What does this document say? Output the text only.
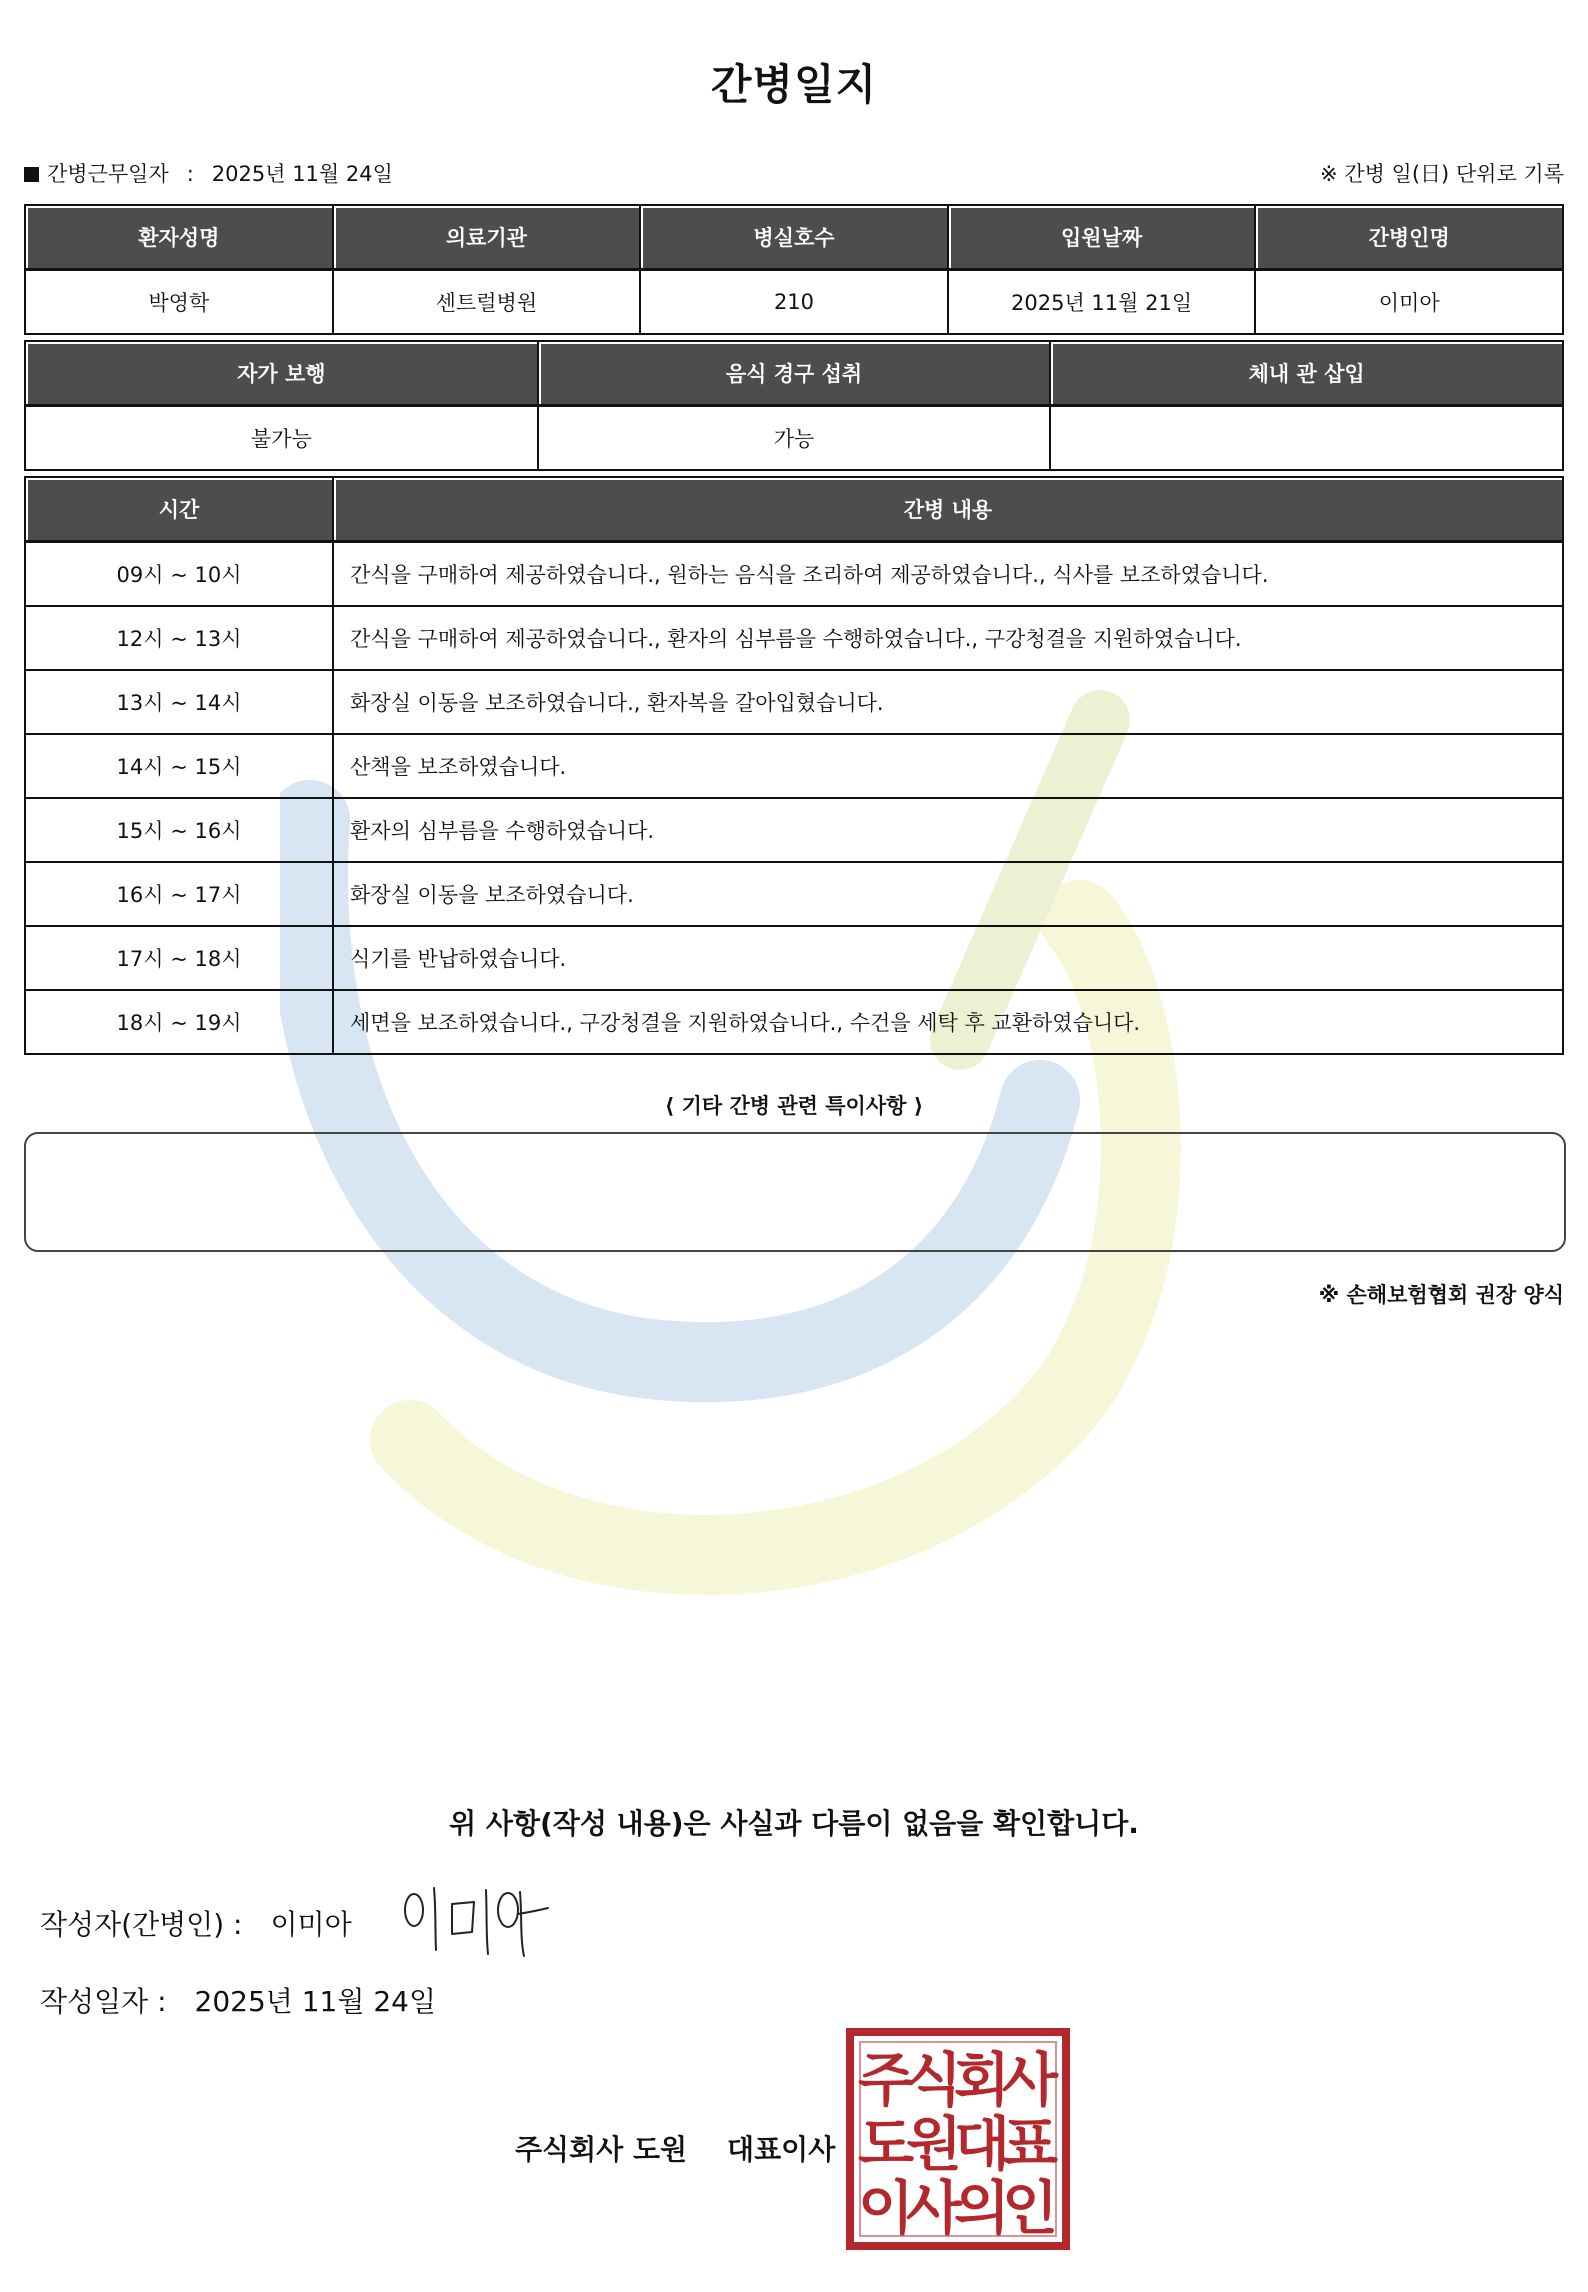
간병일지
간병근무일자 : 2025년 11월 24일	※ 간병 일(日) 단위로 기록
환자성명	의료기관	병실호수	입원날짜	간병인명
박영학	센트럴병원	210	2025년 11월 21일	이미아
자가 보행	음식 경구 섭취	체내 관 삽입
불가능	가능	
시간	간병 내용
09시 ~ 10시	간식을 구매하여 제공하였습니다., 원하는 음식을 조리하여 제공하였습니다., 식사를 보조하였습니다.
12시 ~ 13시	간식을 구매하여 제공하였습니다., 환자의 심부름을 수행하였습니다., 구강청결을 지원하였습니다.
13시 ~ 14시	화장실 이동을 보조하였습니다., 환자복을 갈아입혔습니다.
14시 ~ 15시	산책을 보조하였습니다.
15시 ~ 16시	환자의 심부름을 수행하였습니다.
16시 ~ 17시	화장실 이동을 보조하였습니다.
17시 ~ 18시	식기를 반납하였습니다.
18시 ~ 19시	세면을 보조하였습니다., 구강청결을 지원하였습니다., 수건을 세탁 후 교환하였습니다.
⟨ 기타 간병 관련 특이사항 ⟩
※ 손해보험협회 권장 양식
위 사항(작성 내용)은 사실과 다름이 없음을 확인합니다.
작성자(간병인) : 이미아
작성일자 : 2025년 11월 24일
주식회사 도원 대표이사
주
식
회
사
도
원
대
표
이
사
의
인
